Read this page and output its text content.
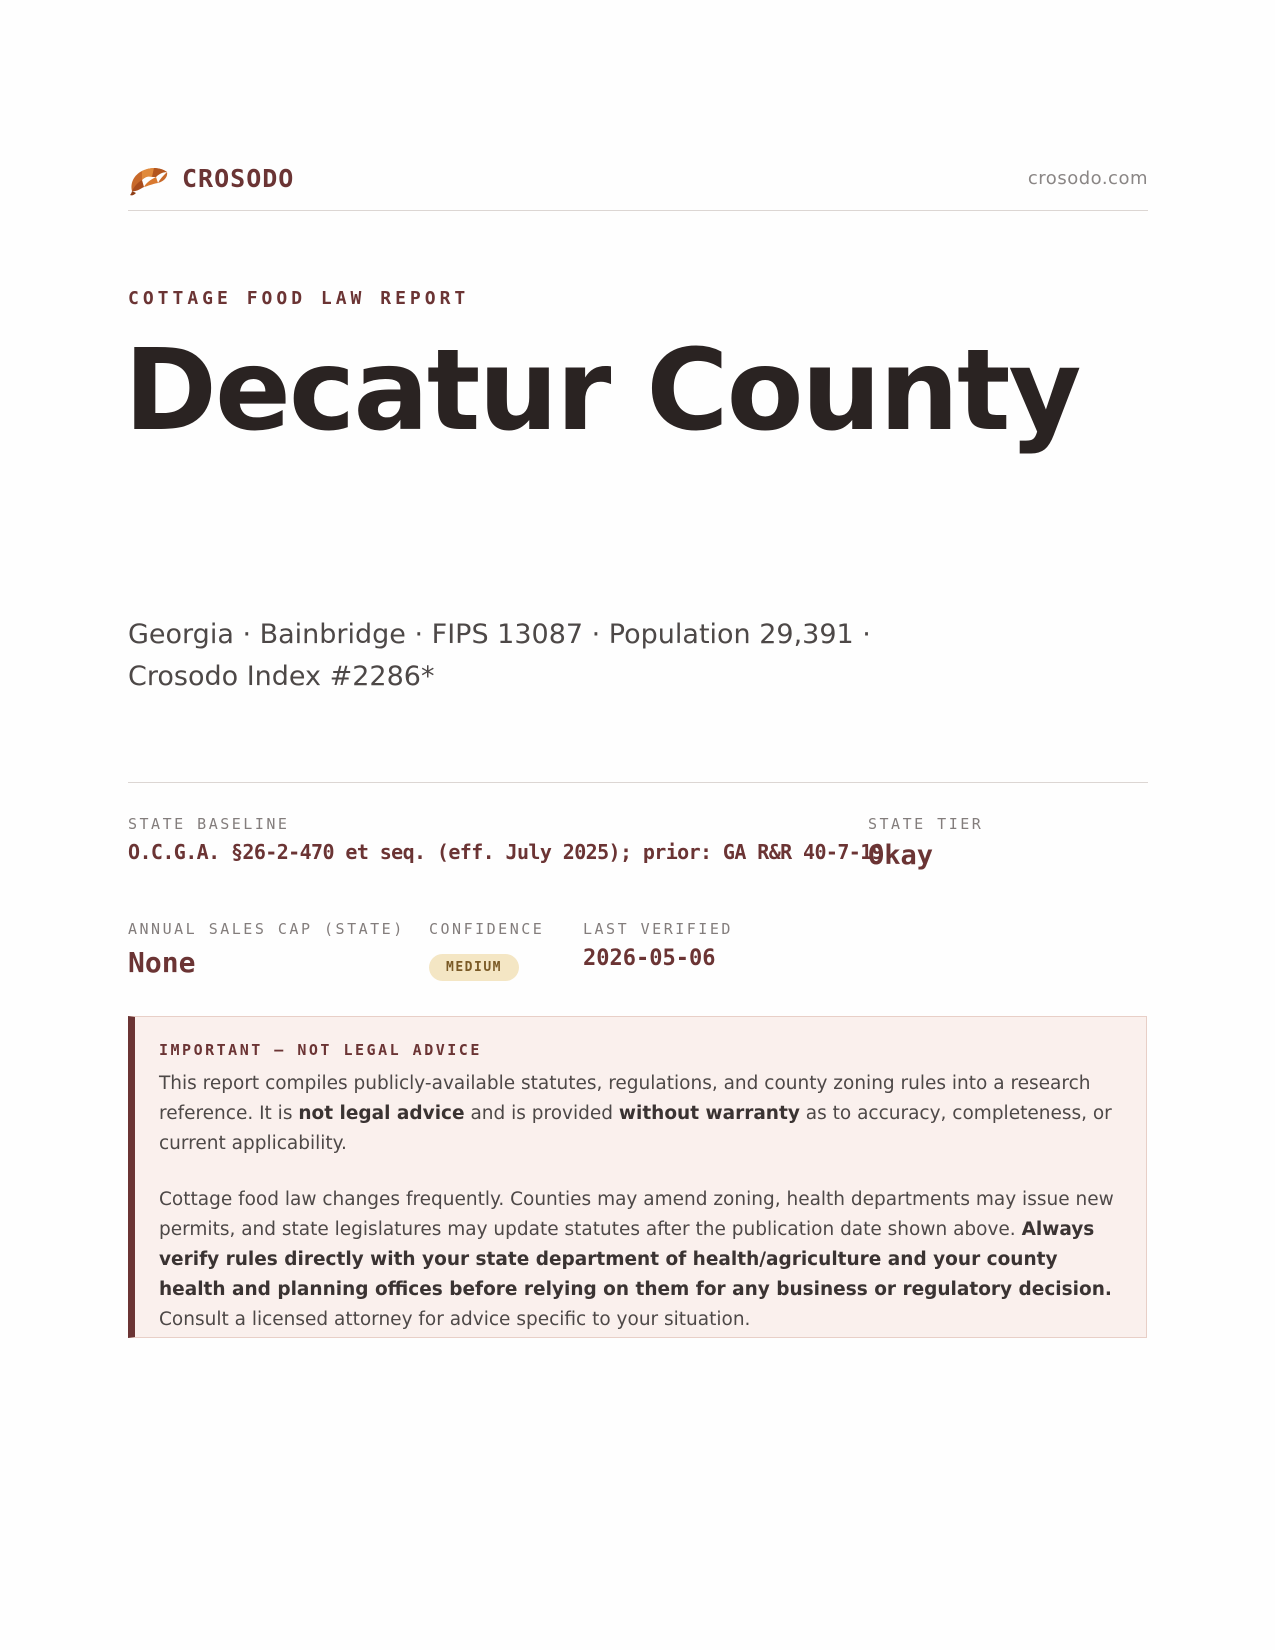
CROSODO	crosodo.com
COTTAGE FOOD LAW REPORT
Decatur County
Georgia · Bainbridge · FIPS 13087 · Population 29,391 · Crosodo Index #2286*
STATE BASELINE
O.C.G.A. §26-2-470 et seq. (eff. July 2025); prior: GA R&R 40-7-19
STATE TIER
Okay
ANNUAL SALES CAP (STATE)
None
CONFIDENCE
MEDIUM
LAST VERIFIED
2026-05-06
IMPORTANT — NOT LEGAL ADVICE

This report compiles publicly-available statutes, regulations, and county zoning rules into a research reference. It is not legal advice and is provided without warranty as to accuracy, completeness, or current applicability.

Cottage food law changes frequently. Counties may amend zoning, health departments may issue new permits, and state legislatures may update statutes after the publication date shown above. Always verify rules directly with your state department of health/agriculture and your county health and planning offices before relying on them for any business or regulatory decision. Consult a licensed attorney for advice specific to your situation.
